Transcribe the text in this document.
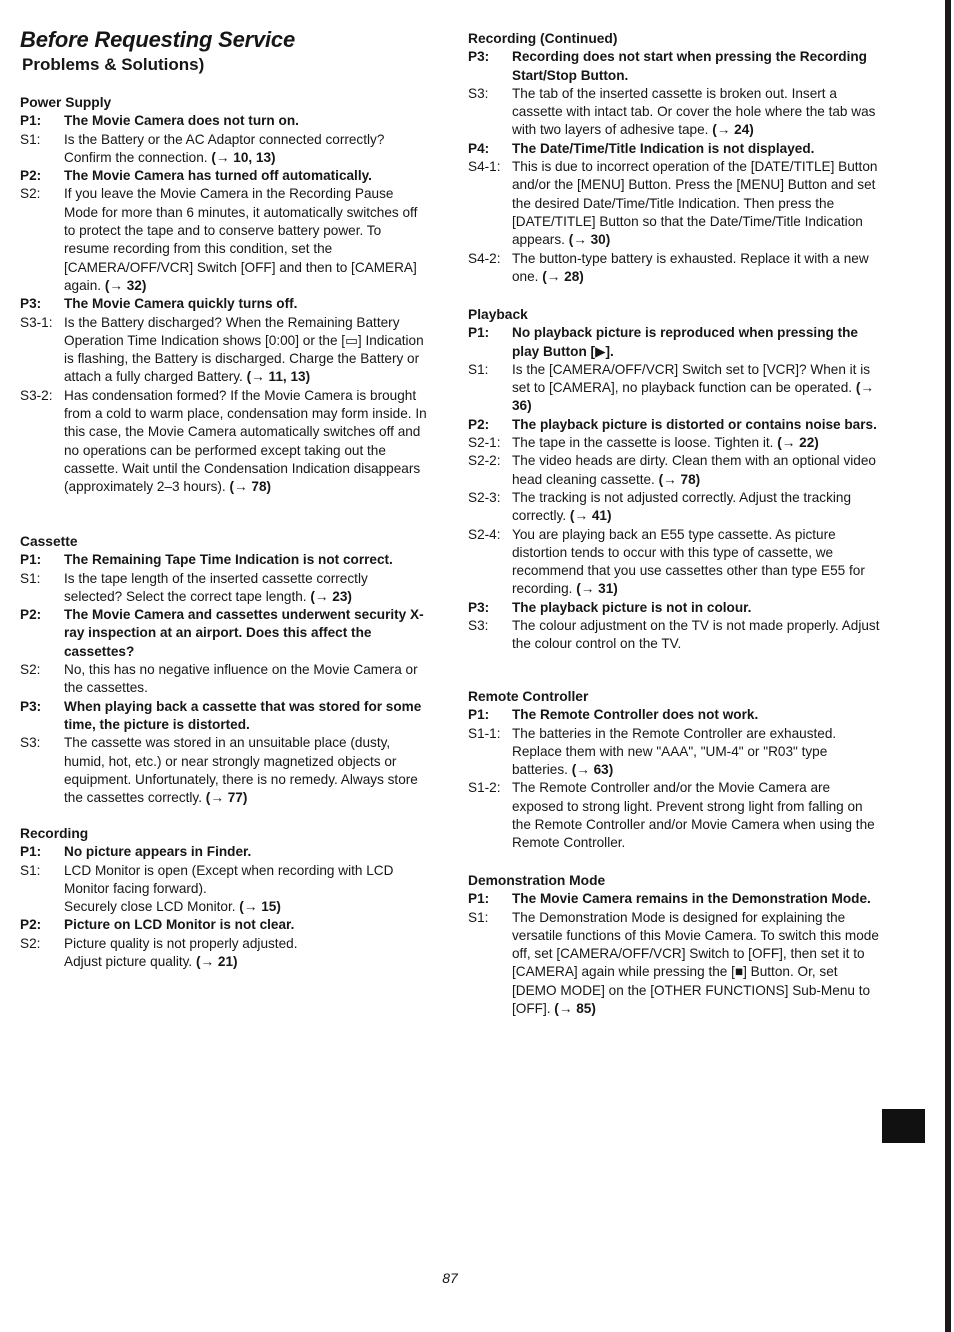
Before Requesting Service
Problems & Solutions)
Power Supply
P1:	The Movie Camera does not turn on.
S1:	Is the Battery or the AC Adaptor connected correctly? Confirm the connection. (→ 10, 13)
P2:	The Movie Camera has turned off automatically.
S2:	If you leave the Movie Camera in the Recording Pause Mode for more than 6 minutes, it automatically switches off to protect the tape and to conserve battery power. To resume recording from this condition, set the [CAMERA/OFF/VCR] Switch [OFF] and then to [CAMERA] again. (→ 32)
P3:	The Movie Camera quickly turns off.
S3-1: Is the Battery discharged? When the Remaining Battery Operation Time Indication shows [0:00] or the [▭] Indication is flashing, the Battery is discharged. Charge the Battery or attach a fully charged Battery. (→ 11, 13)
S3-2: Has condensation formed? If the Movie Camera is brought from a cold to warm place, condensation may form inside. In this case, the Movie Camera automatically switches off and no operations can be performed except taking out the cassette. Wait until the Condensation Indication disappears (approximately 2–3 hours). (→ 78)
Cassette
P1:	The Remaining Tape Time Indication is not correct.
S1:	Is the tape length of the inserted cassette correctly selected? Select the correct tape length. (→ 23)
P2:	The Movie Camera and cassettes underwent security X-ray inspection at an airport. Does this affect the cassettes?
S2:	No, this has no negative influence on the Movie Camera or the cassettes.
P3:	When playing back a cassette that was stored for some time, the picture is distorted.
S3:	The cassette was stored in an unsuitable place (dusty, humid, hot, etc.) or near strongly magnetized objects or equipment. Unfortunately, there is no remedy. Always store the cassettes correctly. (→ 77)
Recording
P1:	No picture appears in Finder.
S1:	LCD Monitor is open (Except when recording with LCD Monitor facing forward).
Securely close LCD Monitor. (→ 15)
P2:	Picture on LCD Monitor is not clear.
S2:	Picture quality is not properly adjusted.
Adjust picture quality. (→ 21)
Recording (Continued)
P3:	Recording does not start when pressing the Recording Start/Stop Button.
S3:	The tab of the inserted cassette is broken out. Insert a cassette with intact tab. Or cover the hole where the tab was with two layers of adhesive tape. (→ 24)
P4:	The Date/Time/Title Indication is not displayed.
S4-1: This is due to incorrect operation of the [DATE/TITLE] Button and/or the [MENU] Button. Press the [MENU] Button and set the desired Date/Time/Title Indication. Then press the [DATE/TITLE] Button so that the Date/Time/Title Indication appears. (→ 30)
S4-2: The button-type battery is exhausted. Replace it with a new one. (→ 28)
Playback
P1:	No playback picture is reproduced when pressing the play Button [▶].
S1:	Is the [CAMERA/OFF/VCR] Switch set to [VCR]? When it is set to [CAMERA], no playback function can be operated. (→ 36)
P2:	The playback picture is distorted or contains noise bars.
S2-1: The tape in the cassette is loose. Tighten it. (→ 22)
S2-2: The video heads are dirty. Clean them with an optional video head cleaning cassette. (→ 78)
S2-3: The tracking is not adjusted correctly. Adjust the tracking correctly. (→ 41)
S2-4: You are playing back an E55 type cassette. As picture distortion tends to occur with this type of cassette, we recommend that you use cassettes other than type E55 for recording. (→ 31)
P3:	The playback picture is not in colour.
S3:	The colour adjustment on the TV is not made properly. Adjust the colour control on the TV.
Remote Controller
P1:	The Remote Controller does not work.
S1-1: The batteries in the Remote Controller are exhausted. Replace them with new "AAA", "UM-4" or "R03" type batteries. (→ 63)
S1-2: The Remote Controller and/or the Movie Camera are exposed to strong light. Prevent strong light from falling on the Remote Controller and/or Movie Camera when using the Remote Controller.
Demonstration Mode
P1:	The Movie Camera remains in the Demonstration Mode.
S1:	The Demonstration Mode is designed for explaining the versatile functions of this Movie Camera. To switch this mode off, set [CAMERA/OFF/VCR] Switch to [OFF], then set it to [CAMERA] again while pressing the [■] Button. Or, set [DEMO MODE] on the [OTHER FUNCTIONS] Sub-Menu to [OFF]. (→ 85)
87
